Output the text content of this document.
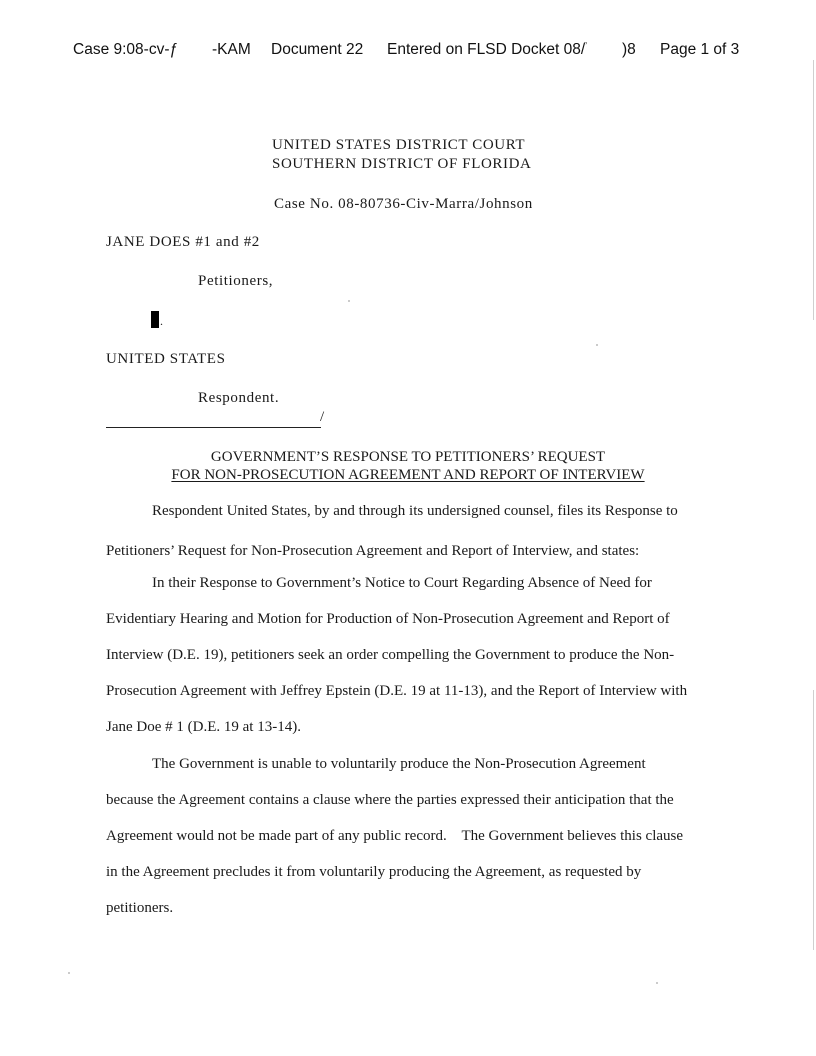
Case 9:08-cv-ƒ -KAM Document 22 Entered on FLSD Docket 08/$^ʼ$ )8 Page 1 of 3
UNITED STATES DISTRICT COURT
SOUTHERN DISTRICT OF FLORIDA
Case No. 08-80736-Civ-Marra/Johnson
JANE DOES #1 and #2
Petitioners,
.
UNITED STATES
Respondent.
/
GOVERNMENT’S RESPONSE TO PETITIONERS’ REQUEST
FOR NON-PROSECUTION AGREEMENT AND REPORT OF INTERVIEW
Respondent United States, by and through its undersigned counsel, files its Response to
Petitioners’ Request for Non-Prosecution Agreement and Report of Interview, and states:
In their Response to Government’s Notice to Court Regarding Absence of Need for
Evidentiary Hearing and Motion for Production of Non-Prosecution Agreement and Report of
Interview (D.E. 19), petitioners seek an order compelling the Government to produce the Non-
Prosecution Agreement with Jeffrey Epstein (D.E. 19 at 11-13), and the Report of Interview with
Jane Doe # 1 (D.E. 19 at 13-14).
The Government is unable to voluntarily produce the Non-Prosecution Agreement
because the Agreement contains a clause where the parties expressed their anticipation that the
Agreement would not be made part of any public record.    The Government believes this clause
in the Agreement precludes it from voluntarily producing the Agreement, as requested by
petitioners.
